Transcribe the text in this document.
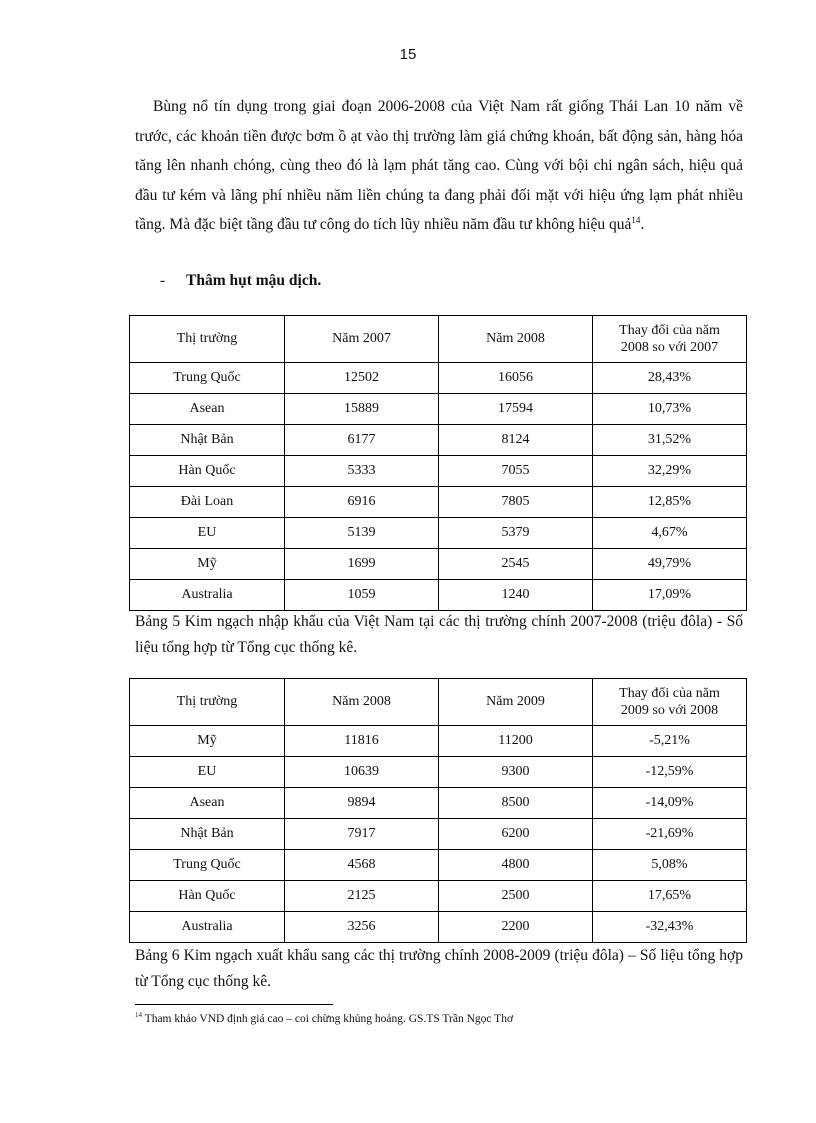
15

Bùng nổ tín dụng trong giai đoạn 2006-2008 của Việt Nam rất giống Thái Lan 10 năm về trước, các khoản tiền được bơm ồ ạt vào thị trường làm giá chứng khoán, bất động sản, hàng hóa tăng lên nhanh chóng, cùng theo đó là lạm phát tăng cao. Cùng với bội chi ngân sách, hiệu quả đầu tư kém và lãng phí nhiều năm liền chúng ta đang phải đối mặt với hiệu ứng lạm phát nhiều tầng. Mà đặc biệt tầng đầu tư công do tích lũy nhiều năm đầu tư không hiệu quả$^{14}$.

- Thâm hụt mậu dịch.
Thị trường	Năm 2007	Năm 2008	Thay đổi của năm
2008 so với 2007
Trung Quốc	12502	16056	28,43%
Asean	15889	17594	10,73%
Nhật Bản	6177	8124	31,52%
Hàn Quốc	5333	7055	32,29%
Đài Loan	6916	7805	12,85%
EU	5139	5379	4,67%
Mỹ	1699	2545	49,79%
Australia	1059	1240	17,09%

Bảng 5 Kim ngạch nhập khẩu của Việt Nam tại các thị trường chính 2007-2008 (triệu đôla) - Số liệu tổng hợp từ Tổng cục thống kê.

Thị trường	Năm 2008	Năm 2009	Thay đổi của năm
2009 so với 2008
Mỹ	11816	11200	-5,21%
EU	10639	9300	-12,59%
Asean	9894	8500	-14,09%
Nhật Bản	7917	6200	-21,69%
Trung Quốc	4568	4800	5,08%
Hàn Quốc	2125	2500	17,65%
Australia	3256	2200	-32,43%

Bảng 6 Kim ngạch xuất khẩu sang các thị trường chính 2008-2009 (triệu đôla) – Số liệu tổng hợp từ Tổng cục thống kê.

$^{14}$ Tham khảo VND định giá cao – coi chừng khủng hoảng. GS.TS Trần Ngọc Thơ
